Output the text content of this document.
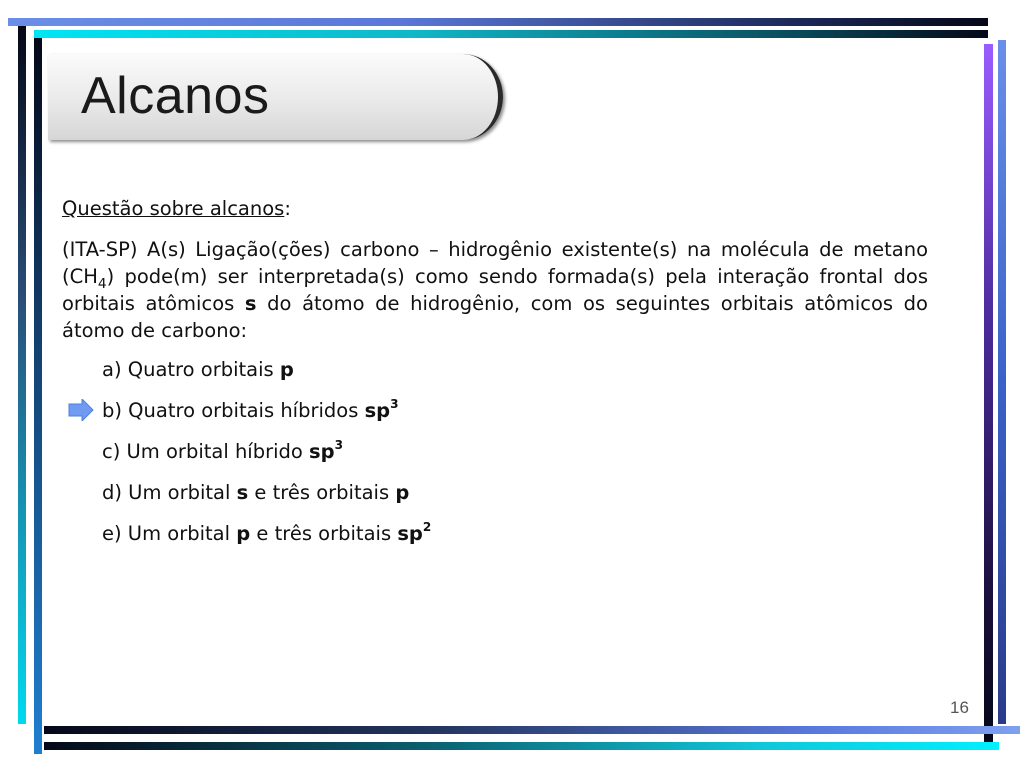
Alcanos

Questão sobre alcanos:

(ITA-SP) A(s) Ligação(ções) carbono – hidrogênio existente(s) na molécula de metano $(CH_4)$ pode(m) ser interpretada(s) como sendo formada(s) pela interação frontal dos orbitais atômicos s do átomo de hidrogênio, com os seguintes orbitais atômicos do átomo de carbono:

a) Quatro orbitais p
b) Quatro orbitais híbridos $sp^3$
c) Um orbital híbrido $sp^3$
d) Um orbital s e três orbitais p
e) Um orbital p e três orbitais $sp^2$
16
